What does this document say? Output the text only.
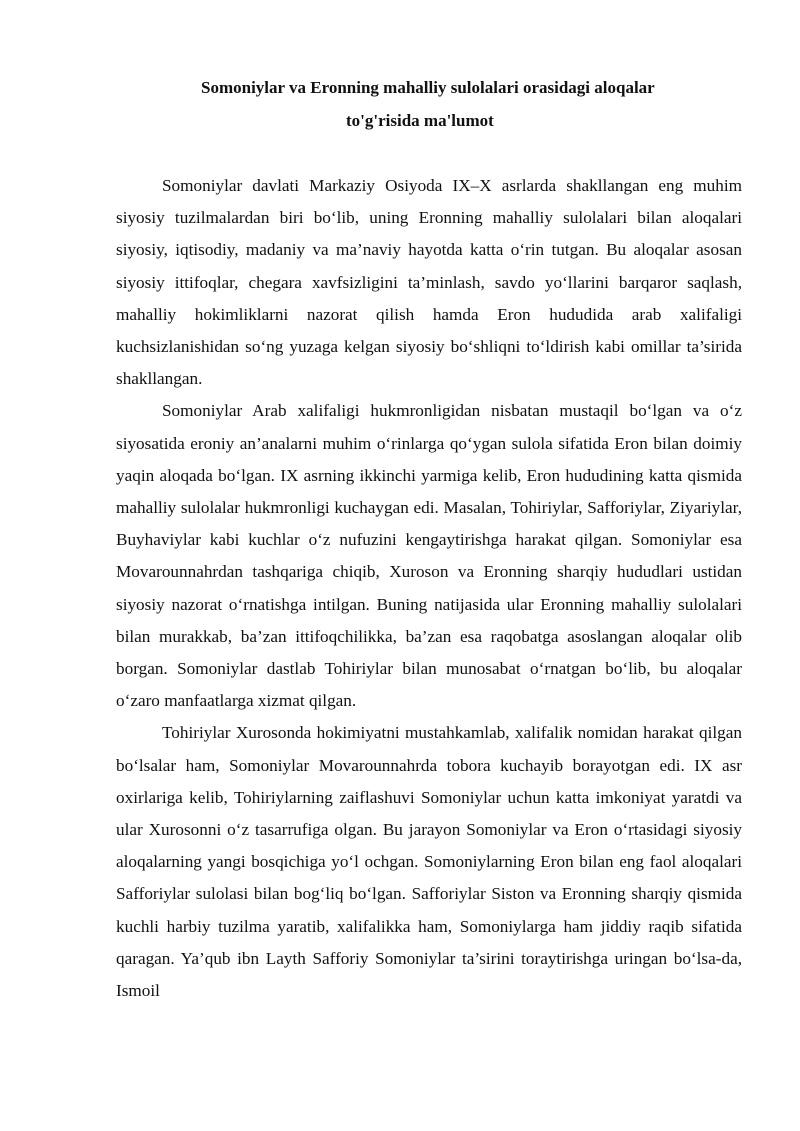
Somoniylar va Eronning mahalliy sulolalari orasidagi aloqalar
to'g'risida ma'lumot

Somoniylar davlati Markaziy Osiyoda IX–X asrlarda shakllangan eng muhim siyosiy tuzilmalardan biri bo‘lib, uning Eronning mahalliy sulolalari bilan aloqalari siyosiy, iqtisodiy, madaniy va ma’naviy hayotda katta o‘rin tutgan. Bu aloqalar asosan siyosiy ittifoqlar, chegara xavfsizligini ta’minlash, savdo yo‘llarini barqaror saqlash, mahalliy hokimliklarni nazorat qilish hamda Eron hududida arab xalifaligi kuchsizlanishidan so‘ng yuzaga kelgan siyosiy bo‘shliqni to‘ldirish kabi omillar ta’sirida shakllangan.

Somoniylar Arab xalifaligi hukmronligidan nisbatan mustaqil bo‘lgan va o‘z siyosatida eroniy an’analarni muhim o‘rinlarga qo‘ygan sulola sifatida Eron bilan doimiy yaqin aloqada bo‘lgan. IX asrning ikkinchi yarmiga kelib, Eron hududining katta qismida mahalliy sulolalar hukmronligi kuchaygan edi. Masalan, Tohiriylar, Safforiylar, Ziyariylar, Buyhaviylar kabi kuchlar o‘z nufuzini kengaytirishga harakat qilgan. Somoniylar esa Movarounnahrdan tashqariga chiqib, Xuroson va Eronning sharqiy hududlari ustidan siyosiy nazorat o‘rnatishga intilgan. Buning natijasida ular Eronning mahalliy sulolalari bilan murakkab, ba’zan ittifoqchilikka, ba’zan esa raqobatga asoslangan aloqalar olib borgan. Somoniylar dastlab Tohiriylar bilan munosabat o‘rnatgan bo‘lib, bu aloqalar o‘zaro manfaatlarga xizmat qilgan.

Tohiriylar Xurosonda hokimiyatni mustahkamlab, xalifalik nomidan harakat qilgan bo‘lsalar ham, Somoniylar Movarounnahrda tobora kuchayib borayotgan edi. IX asr oxirlariga kelib, Tohiriylarning zaiflashuvi Somoniylar uchun katta imkoniyat yaratdi va ular Xurosonni o‘z tasarrufiga olgan. Bu jarayon Somoniylar va Eron o‘rtasidagi siyosiy aloqalarning yangi bosqichiga yo‘l ochgan. Somoniylarning Eron bilan eng faol aloqalari Safforiylar sulolasi bilan bog‘liq bo‘lgan. Safforiylar Siston va Eronning sharqiy qismida kuchli harbiy tuzilma yaratib, xalifalikka ham, Somoniylarga ham jiddiy raqib sifatida qaragan. Ya’qub ibn Layth Safforiy Somoniylar ta’sirini toraytirishga uringan bo‘lsa-da, Ismoil
